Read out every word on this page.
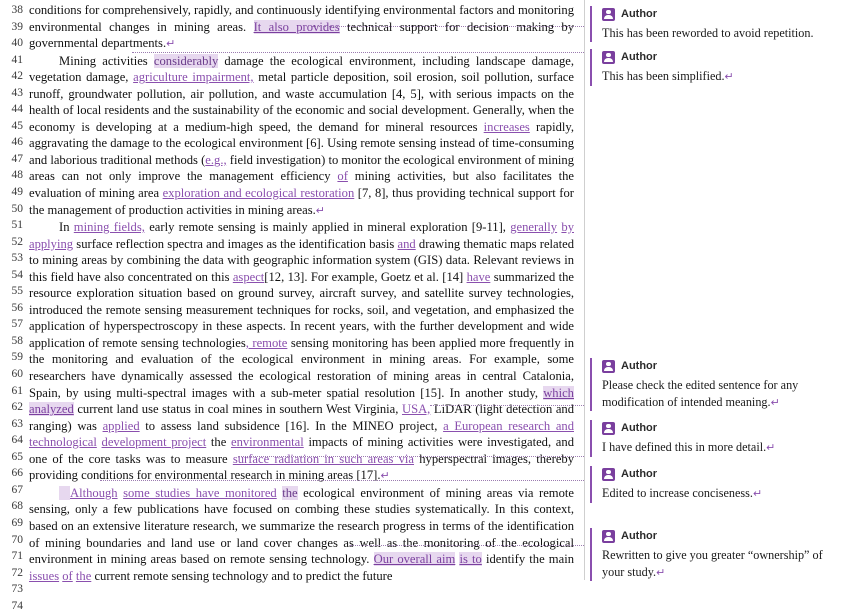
38
39
40
41
42
43
44
45
46
47
48
49
50
51
52
53
54
55
56
57
58
59
60
61
62
63
64
65
66
67
68
69
70
71
72
73
74

conditions for comprehensively, rapidly, and continuously identifying environmental factors and monitoring environmental changes in mining areas. It also provides technical support for decision making by governmental departments.↵

Mining activities considerably damage the ecological environment, including landscape damage, vegetation damage, agriculture impairment, metal particle deposition, soil erosion, soil pollution, surface runoff, groundwater pollution, air pollution, and waste accumulation [4, 5], with serious impacts on the health of local residents and the sustainability of the economic and social development. Generally, when the economy is developing at a medium-high speed, the demand for mineral resources increases rapidly, aggravating the damage to the ecological environment [6]. Using remote sensing instead of time-consuming and laborious traditional methods (e.g., field investigation) to monitor the ecological environment of mining areas can not only improve the management efficiency of mining activities, but also facilitates the evaluation of mining area exploration and ecological restoration [7, 8], thus providing technical support for the management of production activities in mining areas.↵

In mining fields, early remote sensing is mainly applied in mineral exploration [9-11], generally by applying surface reflection spectra and images as the identification basis and drawing thematic maps related to mining areas by combining the data with geographic information system (GIS) data. Relevant reviews in this field have also concentrated on this aspect[12, 13]. For example, Goetz et al. [14] have summarized the resource exploration situation based on ground survey, aircraft survey, and satellite survey technologies, introduced the remote sensing measurement techniques for rocks, soil, and vegetation, and emphasized the application of hyperspectroscopy in these aspects. In recent years, with the further development and wide application of remote sensing technologies, remote sensing monitoring has been applied more frequently in the monitoring and evaluation of the ecological environment in mining areas. For example, some researchers have dynamically assessed the ecological restoration of mining areas in central Catalonia, Spain, by using multi-spectral images with a sub-meter spatial resolution [15]. In another study, which analyzed current land use status in coal mines in southern West Virginia, USA, LiDAR (light detection and ranging) was applied to assess land subsidence [16]. In the MINEO project, a European research and technological development project the environmental impacts of mining activities were investigated, and one of the core tasks was to measure surface radiation in such areas via hyperspectral images, thereby providing conditions for environmental research in mining areas [17].↵

Although some studies have monitored the ecological environment of mining areas via remote sensing, only a few publications have focused on combing these studies systematically. In this context, based on an extensive literature research, we summarize the research progress in terms of the identification of mining boundaries and land use or land cover changes as well as the monitoring of the ecological environment in mining areas based on remote sensing technology. Our overall aim is to identify the main issues of the current remote sensing technology and to predict the future

Author
This has been reworded to avoid repetition.
Author
This has been simplified.↵
Author
Please check the edited sentence for any modification of intended meaning.↵
Author
I have defined this in more detail.↵
Author
Edited to increase conciseness.↵
Author
Rewritten to give you greater “ownership” of your study.↵
